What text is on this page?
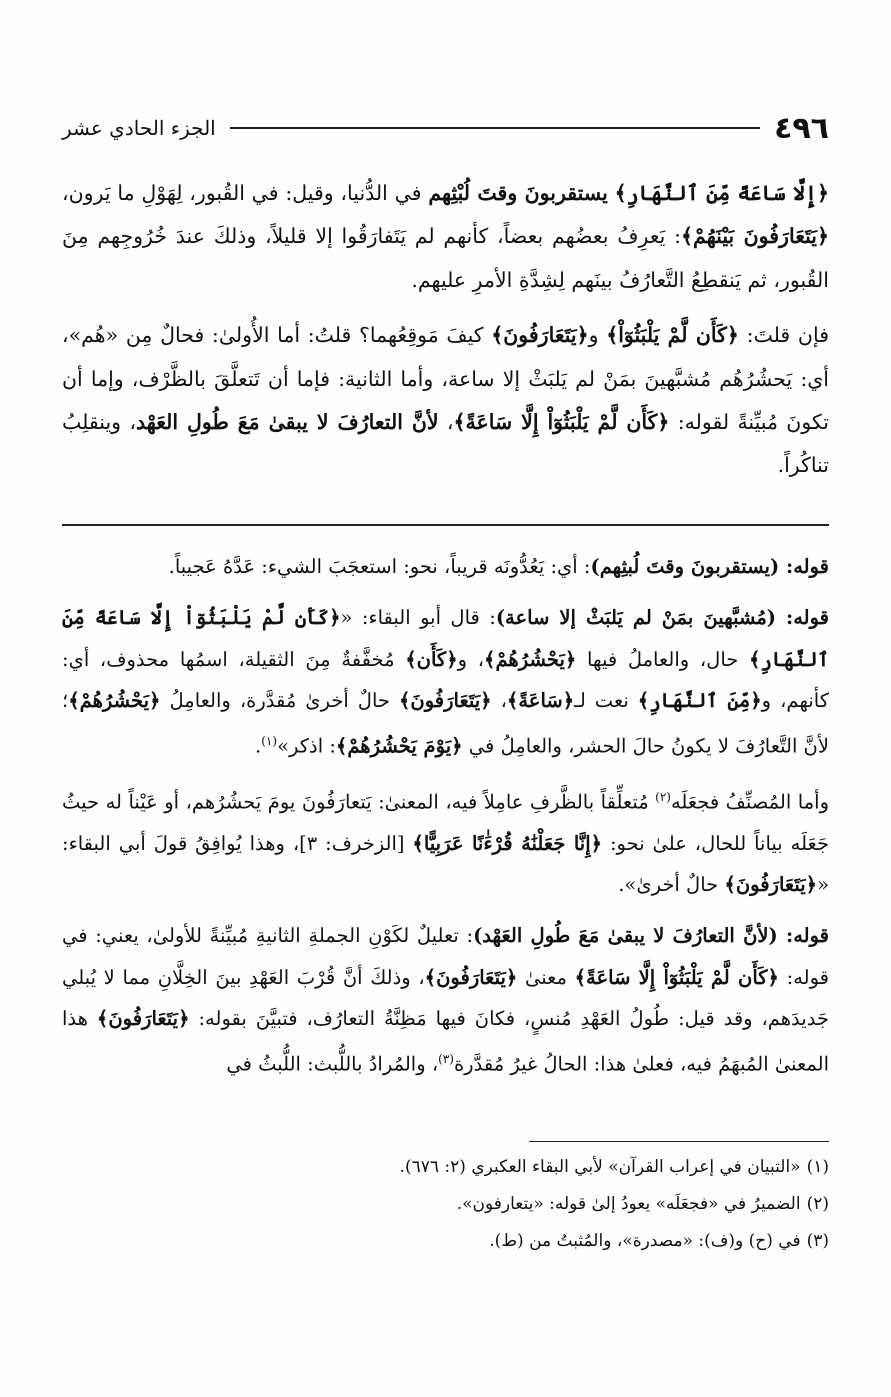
٤٩٦
الجزء الحادي عشر

﴿إِلَّا سَاعَةً مِّنَ ٱلنَّهَارِ﴾ يستقربونَ وقتَ لُبْثِهم في الدُّنيا، وقيل: في القُبور، لِهَوْلِ ما يَرون، ﴿يَتَعَارَفُونَ بَيْنَهُمْ﴾: يَعرِفُ بعضُهم بعضاً، كأنهم لم يَتَفارَقُوا إلا قليلاً، وذلكَ عندَ خُرُوجِهم مِنَ القُبور، ثم يَنقطِعُ التَّعارُفُ بينَهم لِشِدَّةِ الأمرِ عليهم.

فإن قلتَ: ﴿كَأَن لَّمْ يَلْبَثُوٓاْ﴾ و﴿يَتَعَارَفُونَ﴾ كيفَ مَوقِعُهما؟ قلتُ: أما الأُولىٰ: فحالٌ مِن «هُم»، أي: يَحشُرُهُم مُشبَّهينَ بمَنْ لم يَلبَثْ إلا ساعة، وأما الثانية: فإما أن تَتعلَّقَ بالظَّرْف، وإما أن تكونَ مُبيِّنةً لقوله: ﴿كَأَن لَّمْ يَلْبَثُوٓاْ إِلَّا سَاعَةً﴾، لأنَّ التعارُفَ لا يبقىٰ مَعَ طُولِ العَهْد، وينقلِبُ تناكُراً.

قوله: (يستقربونَ وقتَ لُبثِهم): أي: يَعُدُّونَه قريباً، نحو: استعجَبَ الشيء: عَدَّهُ عَجيباً.

قوله: (مُشبَّهينَ بمَنْ لم يَلبَثْ إلا ساعة): قال أبو البقاء: «﴿كَأَن لَّمْ يَلْبَثُوٓاْ إِلَّا سَاعَةً مِّنَ ٱلنَّهَارِ﴾ حال، والعاملُ فيها ﴿يَحْشُرُهُمْ﴾، و﴿كَأَن﴾ مُخفَّفةٌ مِنَ الثقيلة، اسمُها محذوف، أي: كأنهم، و﴿مِّنَ ٱلنَّهَارِ﴾ نعت لـ﴿سَاعَةً﴾، ﴿يَتَعَارَفُونَ﴾ حالٌ أخرىٰ مُقدَّرة، والعامِلُ ﴿يَحْشُرُهُمْ﴾؛ لأنَّ التَّعارُفَ لا يكونُ حالَ الحشر، والعامِلُ في ﴿يَوْمَ يَحْشُرُهُمْ﴾: اذكر»$^{(١)}$.

وأما المُصنِّفُ فجعَلَه$^{(٢)}$ مُتعلِّقاً بالظَّرفِ عامِلاً فيه، المعنىٰ: يَتعارَفُونَ يومَ يَحشُرُهم، أو عَيْناً له حيثُ جَعَلَه بياناً للحال، علىٰ نحو: ﴿إِنَّا جَعَلْنَٰهُ قُرْءَٰنًا عَرَبِيًّا﴾ [الزخرف: ٣]، وهذا يُوافِقُ قولَ أبي البقاء: «﴿يَتَعَارَفُونَ﴾ حالٌ أخرىٰ».

قوله: (لأنَّ التعارُفَ لا يبقىٰ مَعَ طُولِ العَهْد): تعليلٌ لكَوْنِ الجملةِ الثانيةِ مُبيِّنةً للأولىٰ، يعني: في قوله: ﴿كَأَن لَّمْ يَلْبَثُوٓاْ إِلَّا سَاعَةً﴾ معنىٰ ﴿يَتَعَارَفُونَ﴾، وذلكَ أنَّ قُرْبَ العَهْدِ بينَ الخِلَّانِ مما لا يُبلي جَديدَهم، وقد قيل: طُولُ العَهْدِ مُنسٍ، فكانَ فيها مَظِنَّةُ التعارُف، فتبيَّنَ بقوله: ﴿يَتَعَارَفُونَ﴾ هذا المعنىٰ المُبهَمُ فيه، فعلىٰ هذا: الحالُ غيرُ مُقدَّرة$^{(٣)}$، والمُرادُ باللُّبث: اللُّبثُ في

(١)
«التبيان في إعراب القرآن» لأبي البقاء العكبري (٢: ٦٧٦).
(٢)
الضميرُ في «فجعَلَه» يعودُ إلىٰ قوله: «يتعارفون».
(٣)
في (ح) و(ف): «مصدرة»، والمُثبتُ من (ط).
